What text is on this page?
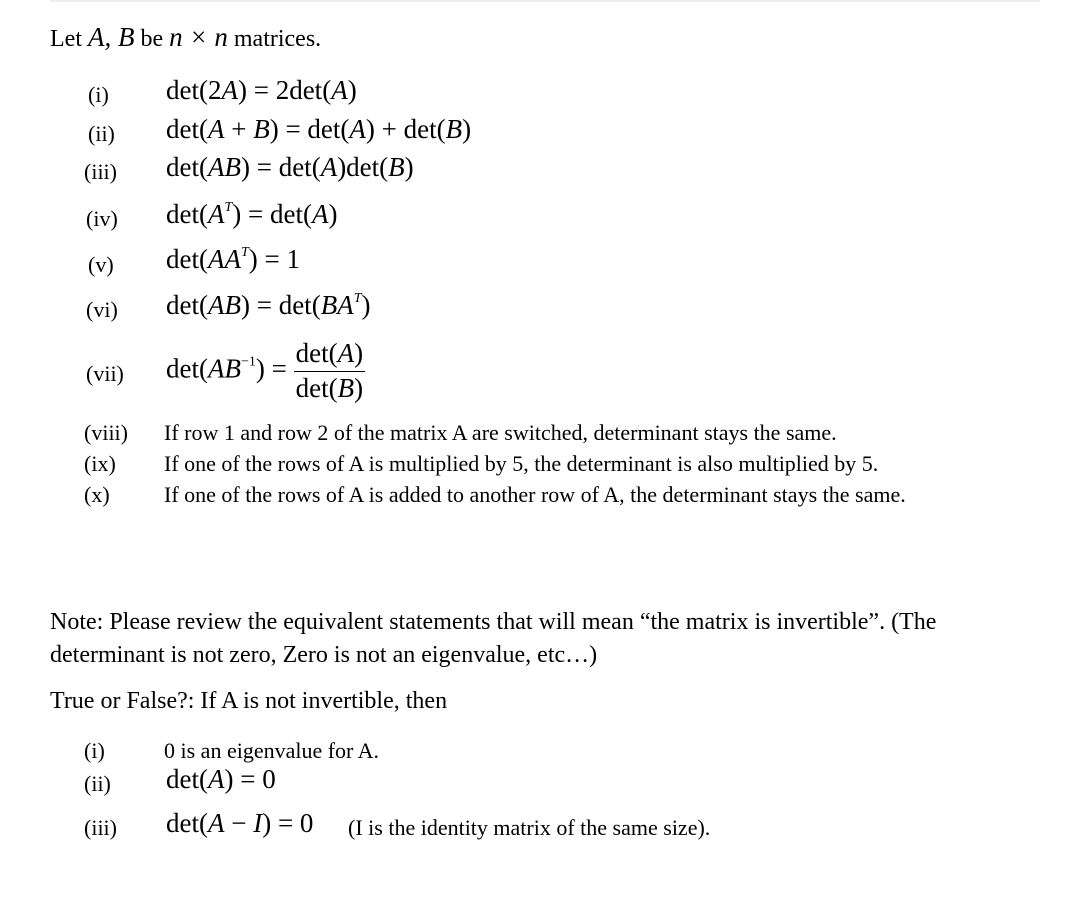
Let A, B be n × n matrices.
(i) det(2A) = 2det(A)
(ii) det(A + B) = det(A) + det(B)
(iii) det(AB) = det(A)det(B)
(iv) $\det(A^T) = \det(A)$
(v) $\det(AA^T) = 1$
(vi) $\det(AB) = \det(BA^T)$
(vii) $\det(AB^{-1}) = \frac{\det(A)}{\det(B)}$
(viii) If row 1 and row 2 of the matrix A are switched, determinant stays the same.
(ix) If one of the rows of A is multiplied by 5, the determinant is also multiplied by 5.
(x) If one of the rows of A is added to another row of A, the determinant stays the same.
Note: Please review the equivalent statements that will mean “the matrix is invertible”. (The determinant is not zero, Zero is not an eigenvalue, etc…)
True or False?: If A is not invertible, then
(i)	0 is an eigenvalue for A.
(ii) det(A) = 0
(iii) det(A − I) = 0 (I is the identity matrix of the same size).
